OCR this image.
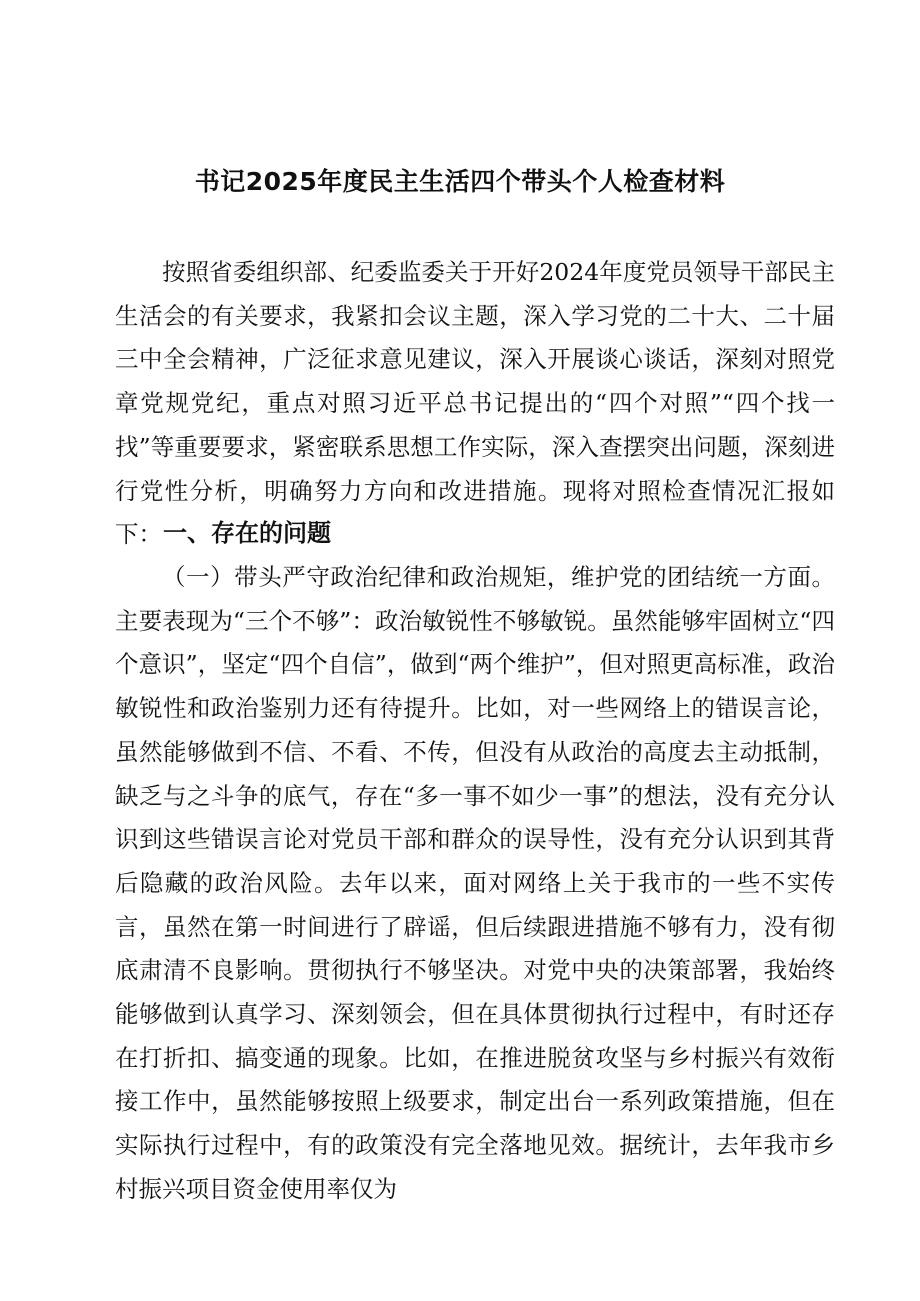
书记2025年度民主生活四个带头个人检查材料

按照省委组织部、纪委监委关于开好2024年度党员领导干部民主生活会的有关要求，我紧扣会议主题，深入学习党的二十大、二十届三中全会精神，广泛征求意见建议，深入开展谈心谈话，深刻对照党章党规党纪，重点对照习近平总书记提出的“四个对照”“四个找一找”等重要要求，紧密联系思想工作实际，深入查摆突出问题，深刻进行党性分析，明确努力方向和改进措施。现将对照检查情况汇报如下： 一、存在的问题

（一）带头严守政治纪律和政治规矩，维护党的团结统一方面。主要表现为“三个不够”：政治敏锐性不够敏锐。虽然能够牢固树立“四个意识”，坚定“四个自信”，做到“两个维护”，但对照更高标准，政治敏锐性和政治鉴别力还有待提升。比如，对一些网络上的错误言论，虽然能够做到不信、不看、不传，但没有从政治的高度去主动抵制，缺乏与之斗争的底气，存在“多一事不如少一事”的想法，没有充分认识到这些错误言论对党员干部和群众的误导性，没有充分认识到其背后隐藏的政治风险。去年以来，面对网络上关于我市的一些不实传言，虽然在第一时间进行了辟谣，但后续跟进措施不够有力，没有彻底肃清不良影响。贯彻执行不够坚决。对党中央的决策部署，我始终能够做到认真学习、深刻领会，但在具体贯彻执行过程中，有时还存在打折扣、搞变通的现象。比如，在推进脱贫攻坚与乡村振兴有效衔接工作中，虽然能够按照上级要求，制定出台一系列政策措施，但在实际执行过程中，有的政策没有完全落地见效。据统计，去年我市乡村振兴项目资金使用率仅为
